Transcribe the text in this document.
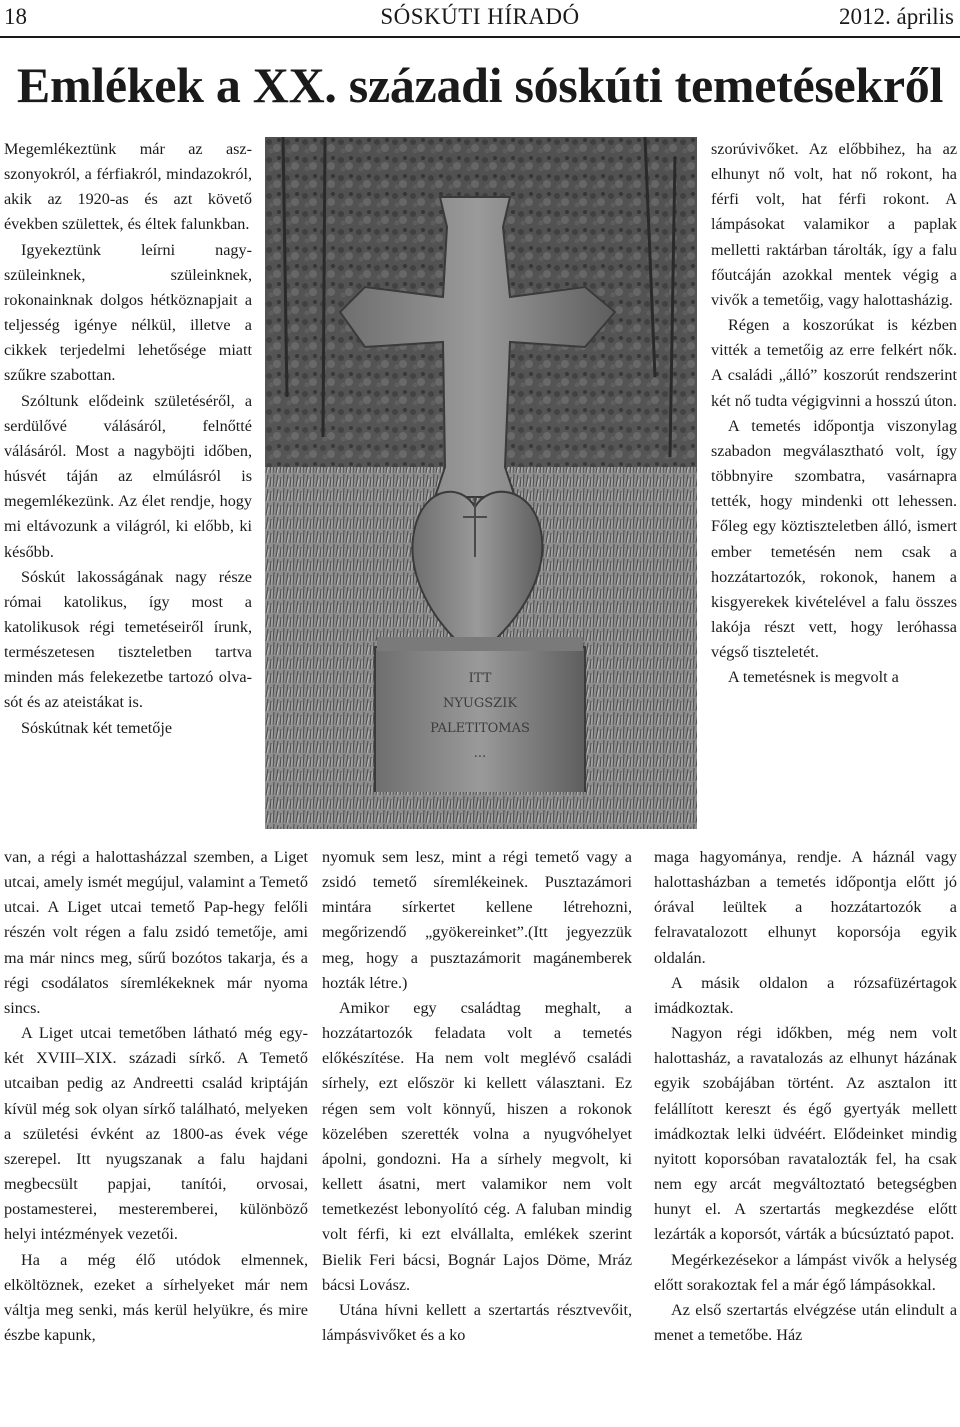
18	SÓSKÚTI HÍRADÓ	2012. április
Emlékek a XX. századi sóskúti temetésekről

Megemlékeztünk már az aszszonyokról, a férfiakról, mindazokról, akik az 1920-as és azt követő években születtek, és éltek falunkban.

Igyekeztünk leírni nagyszüleinknek, szüleinknek, rokonainknak dolgos hétköznapjait a teljesség igénye nélkül, illetve a cikkek terjedelmi lehetősége miatt szűkre szabottan.

Szóltunk elődeink születéséről, a serdülővé válásáról, felnőtté válásáról. Most a nagyböjti időben, húsvét táján az elmúlásról is megemlékezünk. Az élet rendje, hogy mi eltávozunk a világról, ki előbb, ki később.

Sóskút lakosságának nagy része római katolikus, így most a katolikusok régi temetéseiről írunk, természetesen tiszteletben tartva minden más felekezetbe tartozó olvasót és az ateistákat is.

Sóskútnak két temetője

ITT
NYUGSZIK
PALETITOMAS
...

szorúvivőket. Az előbbihez, ha az elhunyt nő volt, hat nő rokont, ha férfi volt, hat férfi rokont. A lámpásokat valamikor a paplak melletti raktárban tárolták, így a falu főutcáján azokkal mentek végig a vivők a temetőig, vagy halottasházig.

Régen a koszorúkat is kézben vitték a temetőig az erre felkért nők. A családi „álló” koszorút rendszerint két nő tudta végigvinni a hosszú úton.

A temetés időpontja viszonylag szabadon megválasztható volt, így többnyire szombatra, vasárnapra tették, hogy mindenki ott lehessen. Főleg egy köztiszteletben álló, ismert ember temetésén nem csak a hozzátartozók, rokonok, hanem a kisgyerekek kivételével a falu összes lakója részt vett, hogy leróhassa végső tiszteletét.

A temetésnek is megvolt a

van, a régi a halottasházzal szemben, a Liget utcai, amely ismét megújul, valamint a Temető utcai. A Liget utcai temető Pap-hegy felőli részén volt régen a falu zsidó temetője, ami ma már nincs meg, sűrű bozótos takarja, és a régi csodálatos síremlékeknek már nyoma sincs.

A Liget utcai temetőben látható még egy-két XVIII–XIX. századi sírkő. A Temető utcaiban pedig az Andreetti család kriptáján kívül még sok olyan sírkő található, melyeken a születési évként az 1800-as évek vége szerepel. Itt nyugszanak a falu hajdani megbecsült papjai, tanítói, orvosai, postamesterei, mesteremberei, különböző helyi intézmények vezetői.

Ha a még élő utódok elmennek, elköltöznek, ezeket a sírhelyeket már nem váltja meg senki, más kerül helyükre, és mire észbe kapunk,

nyomuk sem lesz, mint a régi temető vagy a zsidó temető síremlékeinek. Pusztazámori mintára sírkertet kellene létrehozni, megőrizendő „gyökereinket”.(Itt jegyezzük meg, hogy a pusztazámorit magánemberek hozták létre.)

Amikor egy családtag meghalt, a hozzátartozók feladata volt a temetés előkészítése. Ha nem volt meglévő családi sírhely, ezt először ki kellett választani. Ez régen sem volt könnyű, hiszen a rokonok közelében szerették volna a nyugvóhelyet ápolni, gondozni. Ha a sírhely megvolt, ki kellett ásatni, mert valamikor nem volt temetkezést lebonyolító cég. A faluban mindig volt férfi, ki ezt elvállalta, emlékek szerint Bielik Feri bácsi, Bognár Lajos Döme, Mráz bácsi Lovász.

Utána hívni kellett a szertartás résztvevőit, lámpásvivőket és a ko

maga hagyománya, rendje. A háznál vagy halottasházban a temetés időpontja előtt jó órával leültek a hozzátartozók a felravatalozott elhunyt koporsója egyik oldalán.

A másik oldalon a rózsafüzértagok imádkoztak.

Nagyon régi időkben, még nem volt halottasház, a ravatalozás az elhunyt házának egyik szobájában történt. Az asztalon itt felállított kereszt és égő gyertyák mellett imádkoztak lelki üdvéért. Elődeinket mindig nyitott koporsóban ravatalozták fel, ha csak nem egy arcát megváltoztató betegségben hunyt el. A szertartás megkezdése előtt lezárták a koporsót, várták a búcsúztató papot.

Megérkezésekor a lámpást vivők a helység előtt sorakoztak fel a már égő lámpásokkal.

Az első szertartás elvégzése után elindult a menet a temetőbe. Ház
